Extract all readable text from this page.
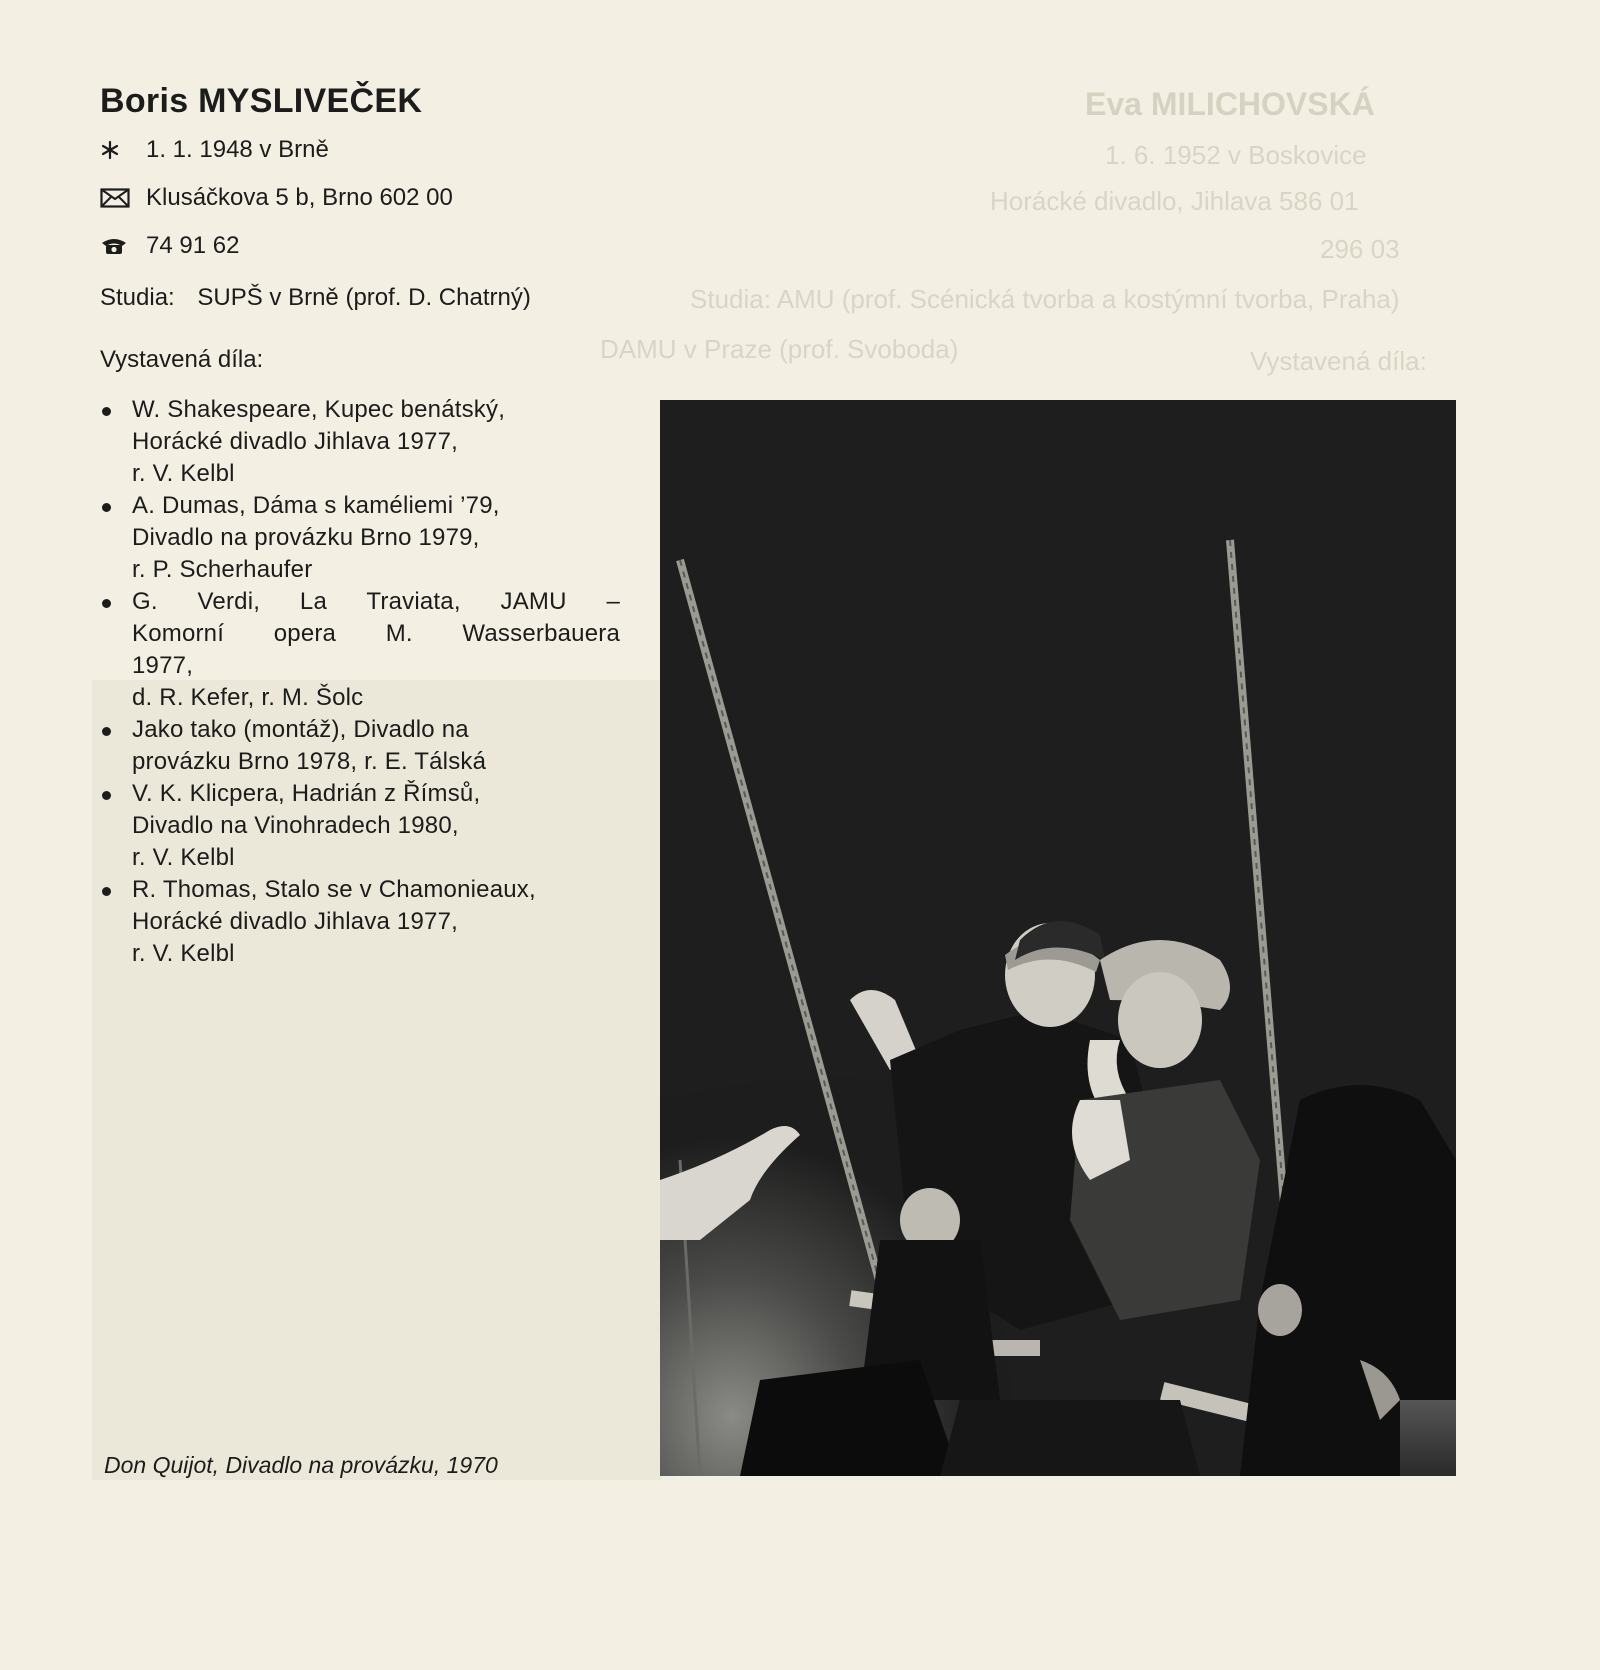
Eva MILICHOVSKÁ
1. 6. 1952 v Boskovice
Horácké divadlo, Jihlava 586 01
296 03
Studia: AMU (prof. Scénická tvorba a kostýmní tvorba, Praha)
DAMU v Praze (prof. Svoboda)	Vystavená díla:
Boris MYSLIVEČEK
1. 1. 1948 v Brně
Klusáčkova 5 b, Brno 602 00
74 91 62
Studia: SUPŠ v Brně (prof. D. Chatrný)
Vystavená díla:
W. Shakespeare, Kupec benátský,
Horácké divadlo Jihlava 1977,
r. V. Kelbl
A. Dumas, Dáma s kaméliemi ’79,
Divadlo na provázku Brno 1979,
r. P. Scherhaufer
G. Verdi, La Traviata, JAMU –
Komorní opera M. Wasserbauera
1977,
d. R. Kefer, r. M. Šolc
Jako tako (montáž), Divadlo na
provázku Brno 1978, r. E. Tálská
V. K. Klicpera, Hadrián z Římsů,
Divadlo na Vinohradech 1980,
r. V. Kelbl
R. Thomas, Stalo se v Chamonieaux,
Horácké divadlo Jihlava 1977,
r. V. Kelbl
Don Quijot, Divadlo na provázku, 1970
